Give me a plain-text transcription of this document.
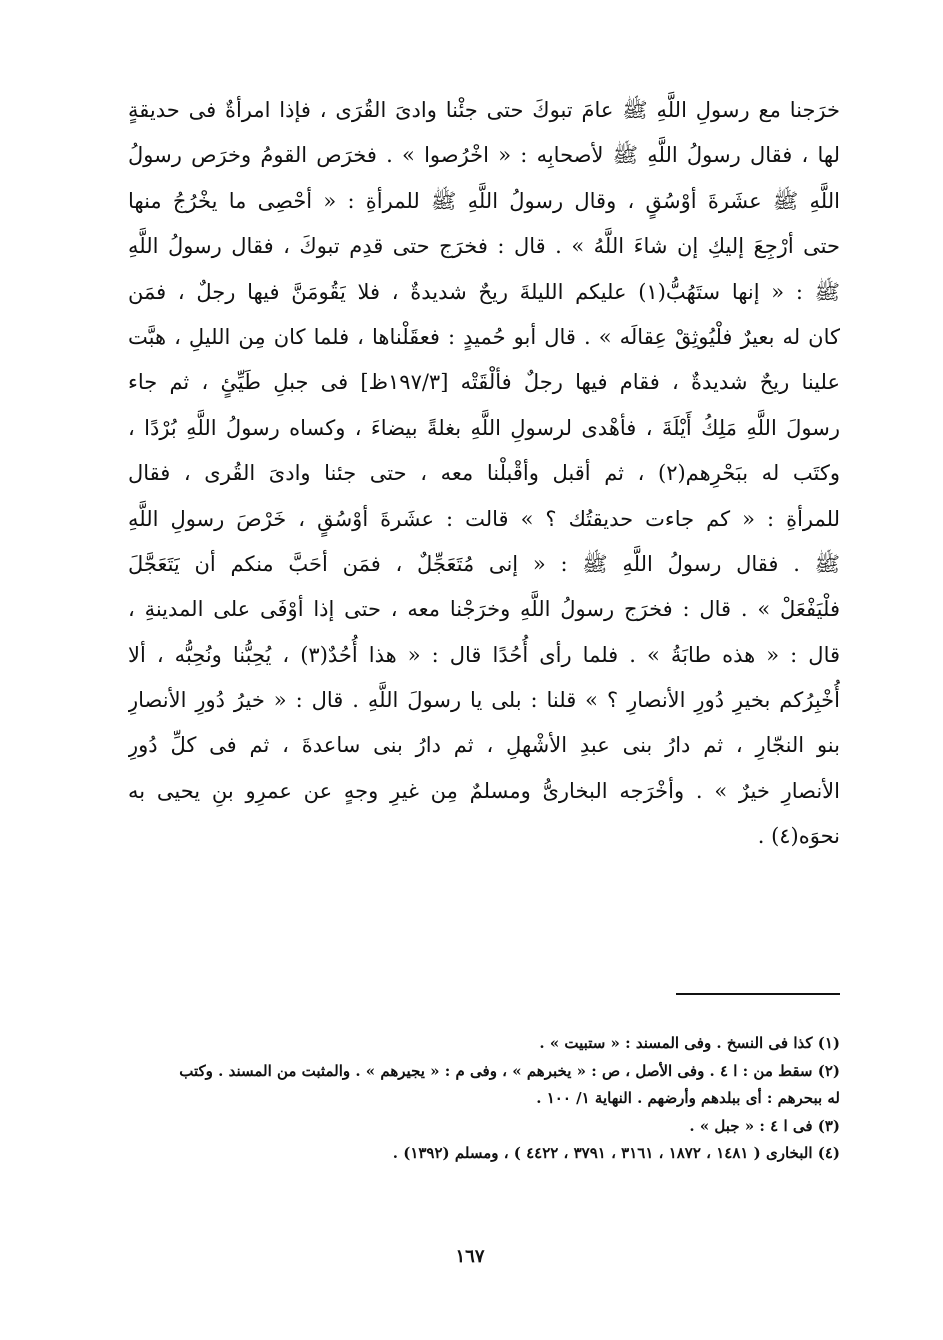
خرَجنا مع رسولِ اللَّهِ ﷺ عامَ تبوكَ حتى جئْنا وادىَ القُرَى ، فإذا امرأةٌ فى حديقةٍ
لها ، فقال رسولُ اللَّهِ ﷺ لأصحابِه : « اخْرُصوا » . فخرَص القومُ وخرَص رسولُ
اللَّهِ ﷺ عشَرةَ أوْسُقٍ ، وقال رسولُ اللَّهِ ﷺ للمرأةِ : « أحْصِى ما يخْرُجُ منها
حتى أرْجِعَ إليكِ إن شاءَ اللَّهُ » . قال : فخرَج حتى قدِم تبوكَ ، فقال رسولُ اللَّهِ
ﷺ : « إنها ستَهُبُّ(١) عليكم الليلةَ ريحٌ شديدةٌ ، فلا يَقُومَنَّ فيها رجلٌ ، فمَن
كان له بعيرٌ فلْيُوثِقْ عِقالَه » . قال أبو حُميدٍ : فعقَلْناها ، فلما كان مِن الليلِ ، هبَّت
علينا ريحٌ شديدةٌ ، فقام فيها رجلٌ فألْقَتْه [١٩٧/٣ظ] فى جبلِ طَيِّئٍ ، ثم جاء
رسولَ اللَّهِ مَلِكُ أَيْلَةَ ، فأهْدى لرسولِ اللَّهِ بغلةً بيضاءَ ، وكساه رسولُ اللَّهِ بُرْدًا ،
وكتَب له ببَحْرِهم(٢) ، ثم أقبل وأقْبلْنا معه ، حتى جئنا وادىَ القُرى ، فقال
للمرأةِ : « كم جاءت حديقتُك ؟ » قالت : عشَرةَ أوْسُقٍ ، خَرْصَ رسولِ اللَّهِ
ﷺ . فقال رسولُ اللَّهِ ﷺ : « إنى مُتَعَجِّلٌ ، فمَن أحَبَّ منكم أن يَتَعَجَّلَ
فلْيَفْعَلْ » . قال : فخرَج رسولُ اللَّهِ وخرَجْنا معه ، حتى إذا أوْفَى على المدينةِ ،
قال : « هذه طابَةُ » . فلما رأى أُحُدًا قال : « هذا أُحُدٌ(٣) ، يُحِبُّنا ونُحِبُّه ، ألا
أُخْبِرُكم بخيرِ دُورِ الأنصارِ ؟ » قلنا : بلى يا رسولَ اللَّهِ . قال : « خيرُ دُورِ الأنصارِ
بنو النجّارِ ، ثم دارُ بنى عبدِ الأشْهلِ ، ثم دارُ بنى ساعدةَ ، ثم فى كلِّ دُورِ
الأنصارِ خيرٌ » . وأخْرَجه البخارىُّ ومسلمٌ مِن غيرِ وجهٍ عن عمرِو بنِ يحيى به
نحوَه(٤) .
(١) كذا فى النسخ . وفى المسند : « ستبيت » .
(٢) سقط من : ا ٤ . وفى الأصل ، ص : « يخبرهم » ، وفى م : « يجيرهم » . والمثبت من المسند . وكتب
له ببحرهم : أى ببلدهم وأرضهم . النهاية ١/ ١٠٠ .
(٣) فى ا ٤ : « جبل » .
(٤) البخارى ( ١٤٨١ ، ١٨٧٢ ، ٣١٦١ ، ٣٧٩١ ، ٤٤٢٢ ) ، ومسلم (١٣٩٢) .
١٦٧
